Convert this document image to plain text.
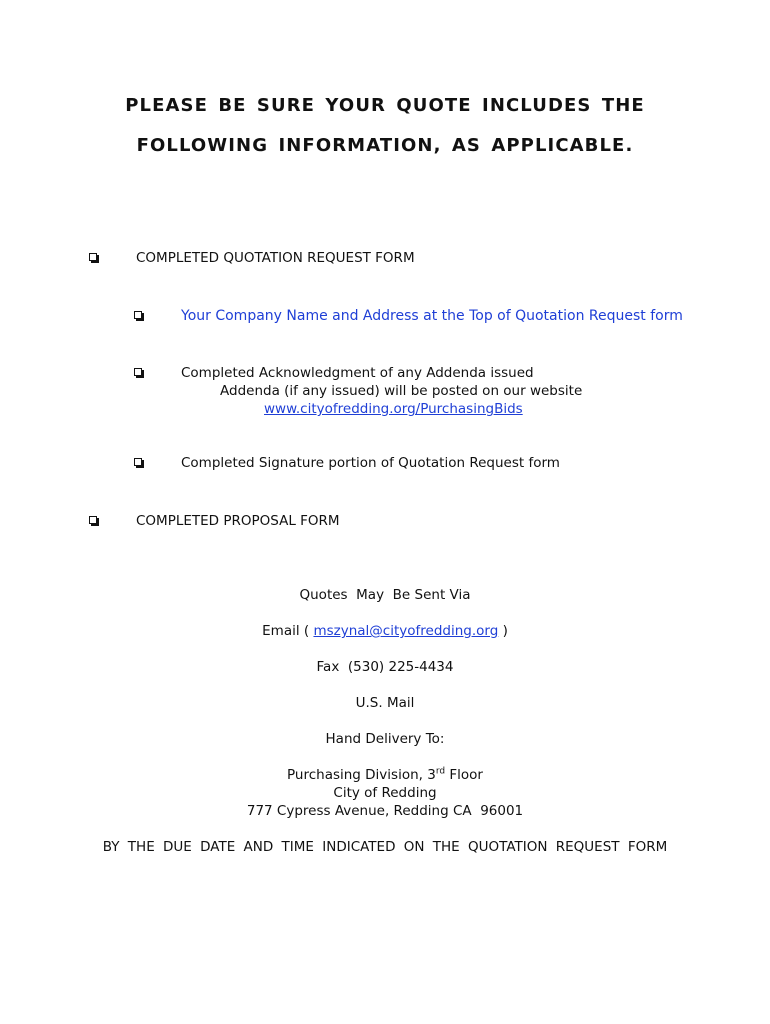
PLEASE BE SURE YOUR QUOTE INCLUDES THE
FOLLOWING INFORMATION, AS APPLICABLE.
COMPLETED QUOTATION REQUEST FORM
Your Company Name and Address at the Top of Quotation Request form
Completed Acknowledgment of any Addenda issued
Addenda (if any issued) will be posted on our website
www.cityofredding.org/PurchasingBids
Completed Signature portion of Quotation Request form
COMPLETED PROPOSAL FORM
Quotes  May  Be Sent Via
Email ( mszynal@cityofredding.org )
Fax  (530) 225-4434
U.S. Mail
Hand Delivery To:
Purchasing Division, 3rd Floor
City of Redding
777 Cypress Avenue, Redding CA  96001
BY THE DUE DATE AND TIME INDICATED ON THE QUOTATION REQUEST FORM
